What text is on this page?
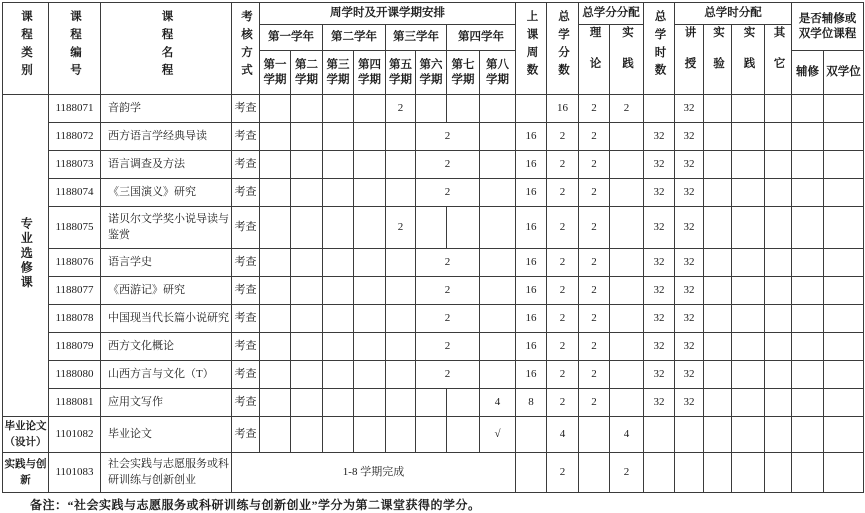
课程类别	课程编号	课程名程	考核方式	周学时及开课学期安排								上课周数	总学分数	总学分分配		总学时数	总学时分配				是否辅修或双学位课程	
				第一学年		第二学年		第三学年		第四学年				理论	实践		讲授	实验	实践	其它		
				第一学期	第二学期	第三学期	第四学期	第五学期	第六学期	第七学期	第八学期										辅修	双学位
专业选修课	1188071	音韵学	考查					2					16	2	2		32					
	1188072	西方语言学经典导读	考查						2			16	2	2		32	32					
	1188073	语言调查及方法	考查						2			16	2	2		32	32					
	1188074	《三国演义》研究	考查						2			16	2	2		32	32					
	1188075	诺贝尔文学奖小说导读与鉴赏	考查					2				16	2	2		32	32					
	1188076	语言学史	考查						2			16	2	2		32	32					
	1188077	《西游记》研究	考查						2			16	2	2		32	32					
	1188078	中国现当代长篇小说研究	考查						2			16	2	2		32	32					
	1188079	西方文化概论	考查						2			16	2	2		32	32					
	1188080	山西方言与文化（T）	考查						2			16	2	2		32	32					
	1188081	应用文写作	考查								4	8	2	2		32	32					
毕业论文（设计）	1101082	毕业论文	考查								√		4		4							
实践与创新	1101083	社会实践与志愿服务或科研训练与创新创业	1-8 学期完成										2		2							
备注：“社会实践与志愿服务或科研训练与创新创业”学分为第二课堂获得的学分。
